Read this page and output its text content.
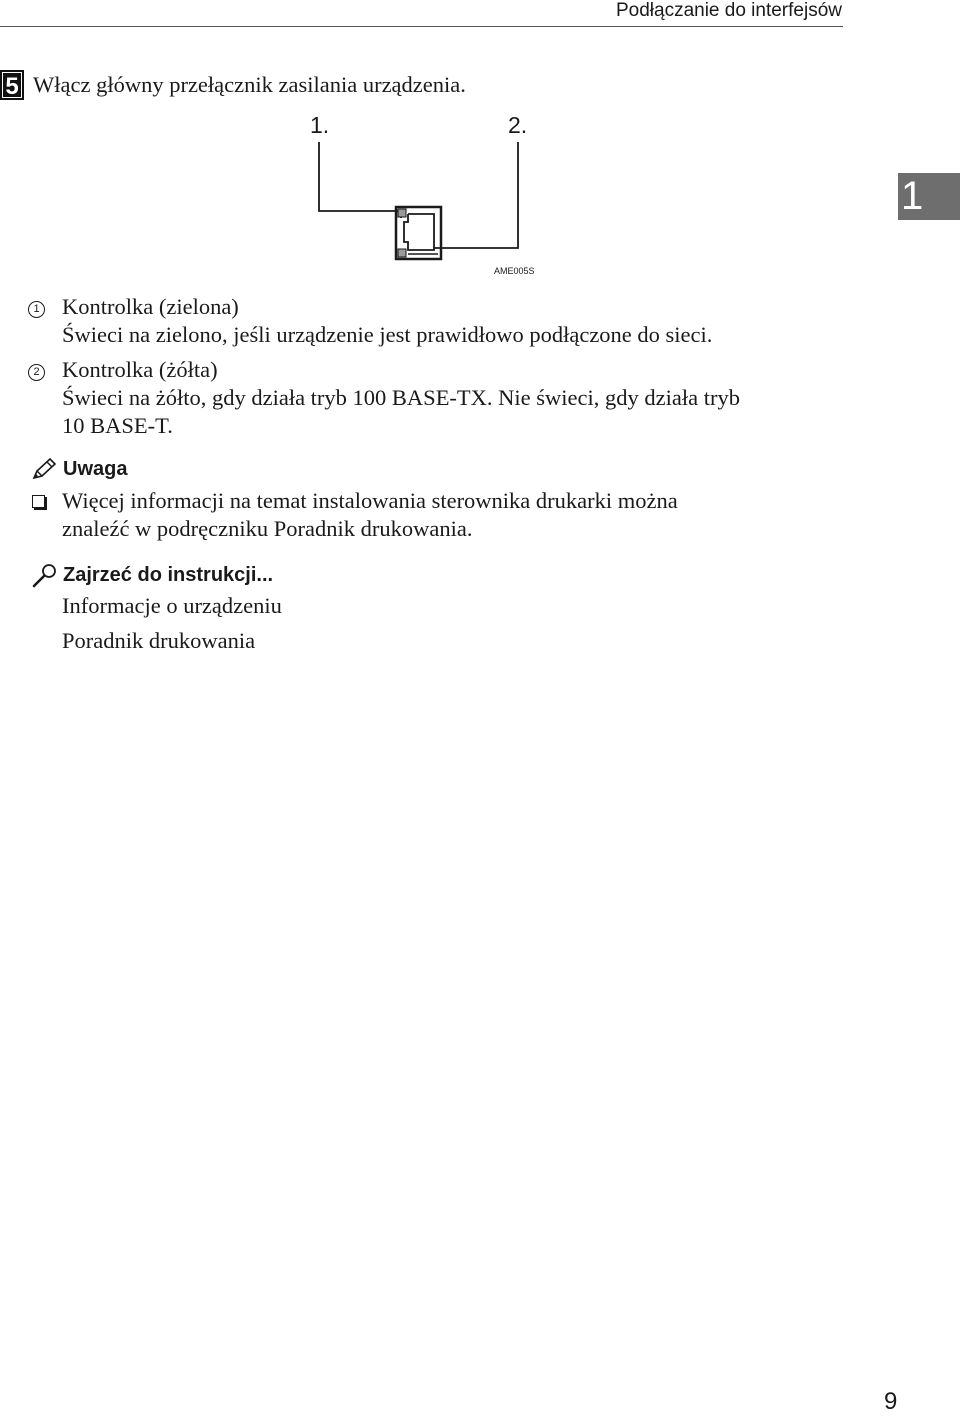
Podłączanie do interfejsów
1
5 Włącz główny przełącznik zasilania urządzenia.
1.	2.
AME005S
1 Kontrolka (zielona)
Świeci na zielono, jeśli urządzenie jest prawidłowo podłączone do sieci.
2 Kontrolka (żółta)
Świeci na żółto, gdy działa tryb 100 BASE-TX. Nie świeci, gdy działa tryb
10 BASE-T.
Uwaga
Więcej informacji na temat instalowania sterownika drukarki można
znaleźć w podręczniku Poradnik drukowania.
Zajrzeć do instrukcji...
Informacje o urządzeniu
Poradnik drukowania
9
